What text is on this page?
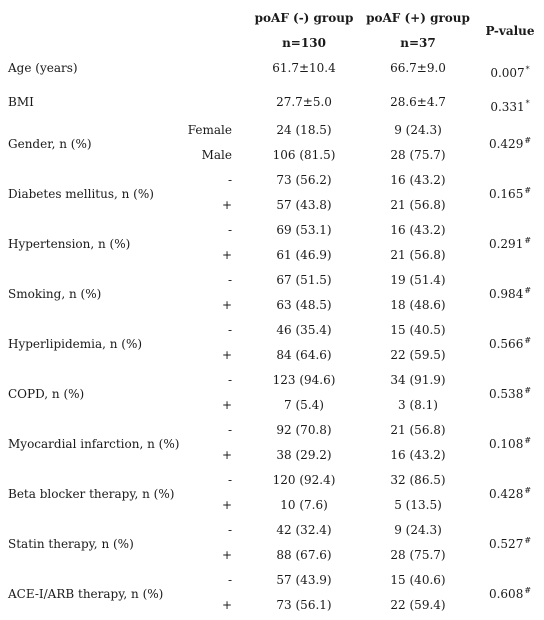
poAF (-) group poAF (+) group
n=130	n=37
P-value
Age (years)	61.7±10.4	66.7±9.0	0.007*
BMI	27.7±5.0	28.6±4.7	0.331*
Gender, n (%)
Female	24 (18.5)	9 (24.3)
Male	106 (81.5)	28 (75.7)
0.429#
Diabetes mellitus, n (%)
-	73 (56.2)	16 (43.2)
+	57 (43.8)	21 (56.8)
0.165#
Hypertension, n (%)
-	69 (53.1)	16 (43.2)
+	61 (46.9)	21 (56.8)
0.291#
Smoking, n (%)
-	67 (51.5)	19 (51.4)
+	63 (48.5)	18 (48.6)
0.984#
Hyperlipidemia, n (%)
-	46 (35.4)	15 (40.5)
+	84 (64.6)	22 (59.5)
0.566#
COPD, n (%)
-	123 (94.6)	34 (91.9)
+	7 (5.4)	3 (8.1)
0.538#
Myocardial infarction, n (%)
-	92 (70.8)	21 (56.8)
+	38 (29.2)	16 (43.2)
0.108#
Beta blocker therapy, n (%)
-	120 (92.4)	32 (86.5)
+	10 (7.6)	5 (13.5)
0.428#
Statin therapy, n (%)
-	42 (32.4)	9 (24.3)
+	88 (67.6)	28 (75.7)
0.527#
ACE-I/ARB therapy, n (%)
-	57 (43.9)	15 (40.6)
+	73 (56.1)	22 (59.4)
0.608#
